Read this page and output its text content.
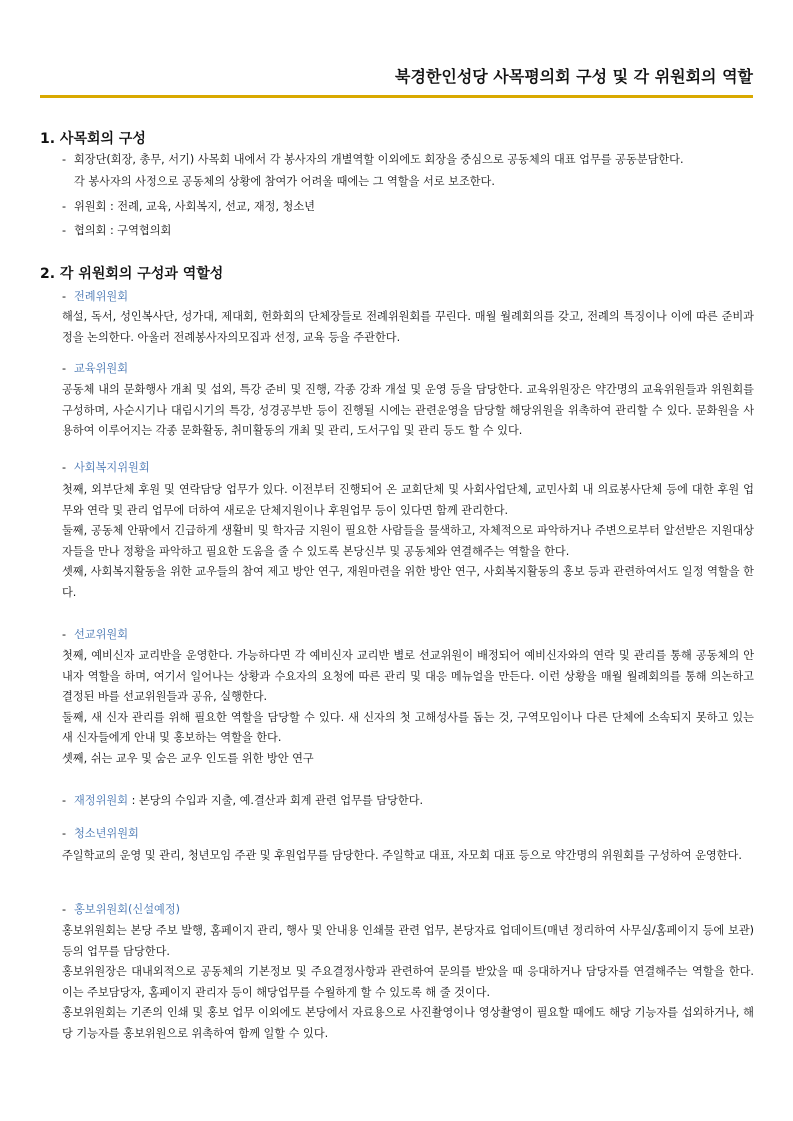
북경한인성당 사목평의회 구성 및 각 위원회의 역할
1. 사목회의 구성
- 회장단(회장, 총무, 서기) 사목회 내에서 각 봉사자의 개별역할 이외에도 회장을 중심으로 공동체의 대표 업무를 공동분담한다.
각 봉사자의 사정으로 공동체의 상황에 참여가 어려울 때에는 그 역할을 서로 보조한다.
- 위원회 : 전례, 교육, 사회복지, 선교, 재정, 청소년
- 협의회 : 구역협의회
2. 각 위원회의 구성과 역할성
- 전례위원회

해설, 독서, 성인복사단, 성가대, 제대회, 헌화회의 단체장들로 전례위원회를 꾸린다. 매월 월례회의를 갖고, 전례의 특징이나 이에 따른 준비과정을 논의한다. 아울러 전례봉사자의모집과 선정, 교육 등을 주관한다.

- 교육위원회

공동체 내의 문화행사 개최 및 섭외, 특강 준비 및 진행, 각종 강좌 개설 및 운영 등을 담당한다. 교육위원장은 약간명의 교육위원들과 위원회를 구성하며, 사순시기나 대림시기의 특강, 성경공부반 등이 진행될 시에는 관련운영을 담당할 해당위원을 위촉하여 관리할 수 있다. 문화원을 사용하여 이루어지는 각종 문화활동, 취미활동의 개최 및 관리, 도서구입 및 관리 등도 할 수 있다.

- 사회복지위원회

첫째, 외부단체 후원 및 연락담당 업무가 있다. 이전부터 진행되어 온 교회단체 및 사회사업단체, 교민사회 내 의료봉사단체 등에 대한 후원 업무와 연락 및 관리 업무에 더하여 새로운 단체지원이나 후원업무 등이 있다면 함께 관리한다.

둘째, 공동체 안팎에서 긴급하게 생활비 및 학자금 지원이 필요한 사람들을 물색하고, 자체적으로 파악하거나 주변으로부터 알선받은 지원대상자들을 만나 정황을 파악하고 필요한 도움을 줄 수 있도록 본당신부 및 공동체와 연결해주는 역할을 한다.

셋째, 사회복지활동을 위한 교우들의 참여 제고 방안 연구, 재원마련을 위한 방안 연구, 사회복지활동의 홍보 등과 관련하여서도 일정 역할을 한다.

- 선교위원회

첫째, 예비신자 교리반을 운영한다. 가능하다면 각 예비신자 교리반 별로 선교위원이 배정되어 예비신자와의 연락 및 관리를 통해 공동체의 안내자 역할을 하며, 여기서 일어나는 상황과 수요자의 요청에 따른 관리 및 대응 메뉴얼을 만든다. 이런 상황을 매월 월례회의를 통해 의논하고 결정된 바를 선교위원들과 공유, 실행한다.

둘째, 새 신자 관리를 위해 필요한 역할을 담당할 수 있다. 새 신자의 첫 고해성사를 돕는 것, 구역모임이나 다른 단체에 소속되지 못하고 있는 새 신자들에게 안내 및 홍보하는 역할을 한다.

셋째, 쉬는 교우 및 숨은 교우 인도를 위한 방안 연구

- 재정위원회 : 본당의 수입과 지출, 예.결산과 회계 관련 업무를 담당한다.
- 청소년위원회

주일학교의 운영 및 관리, 청년모임 주관 및 후원업무를 담당한다. 주일학교 대표, 자모회 대표 등으로 약간명의 위원회를 구성하여 운영한다.

- 홍보위원회(신설예정)

홍보위원회는 본당 주보 발행, 홈페이지 관리, 행사 및 안내용 인쇄물 관련 업무, 본당자료 업데이트(매년 정리하여 사무실/홈페이지 등에 보관) 등의 업무를 담당한다.

홍보위원장은 대내외적으로 공동체의 기본정보 및 주요결정사항과 관련하여 문의를 받았을 때 응대하거나 담당자를 연결해주는 역할을 한다. 이는 주보담당자, 홈페이지 관리자 등이 해당업무를 수월하게 할 수 있도록 해 줄 것이다.

홍보위원회는 기존의 인쇄 및 홍보 업무 이외에도 본당에서 자료용으로 사진촬영이나 영상촬영이 필요할 때에도 해당 기능자를 섭외하거나, 해당 기능자를 홍보위원으로 위촉하여 함께 일할 수 있다.
